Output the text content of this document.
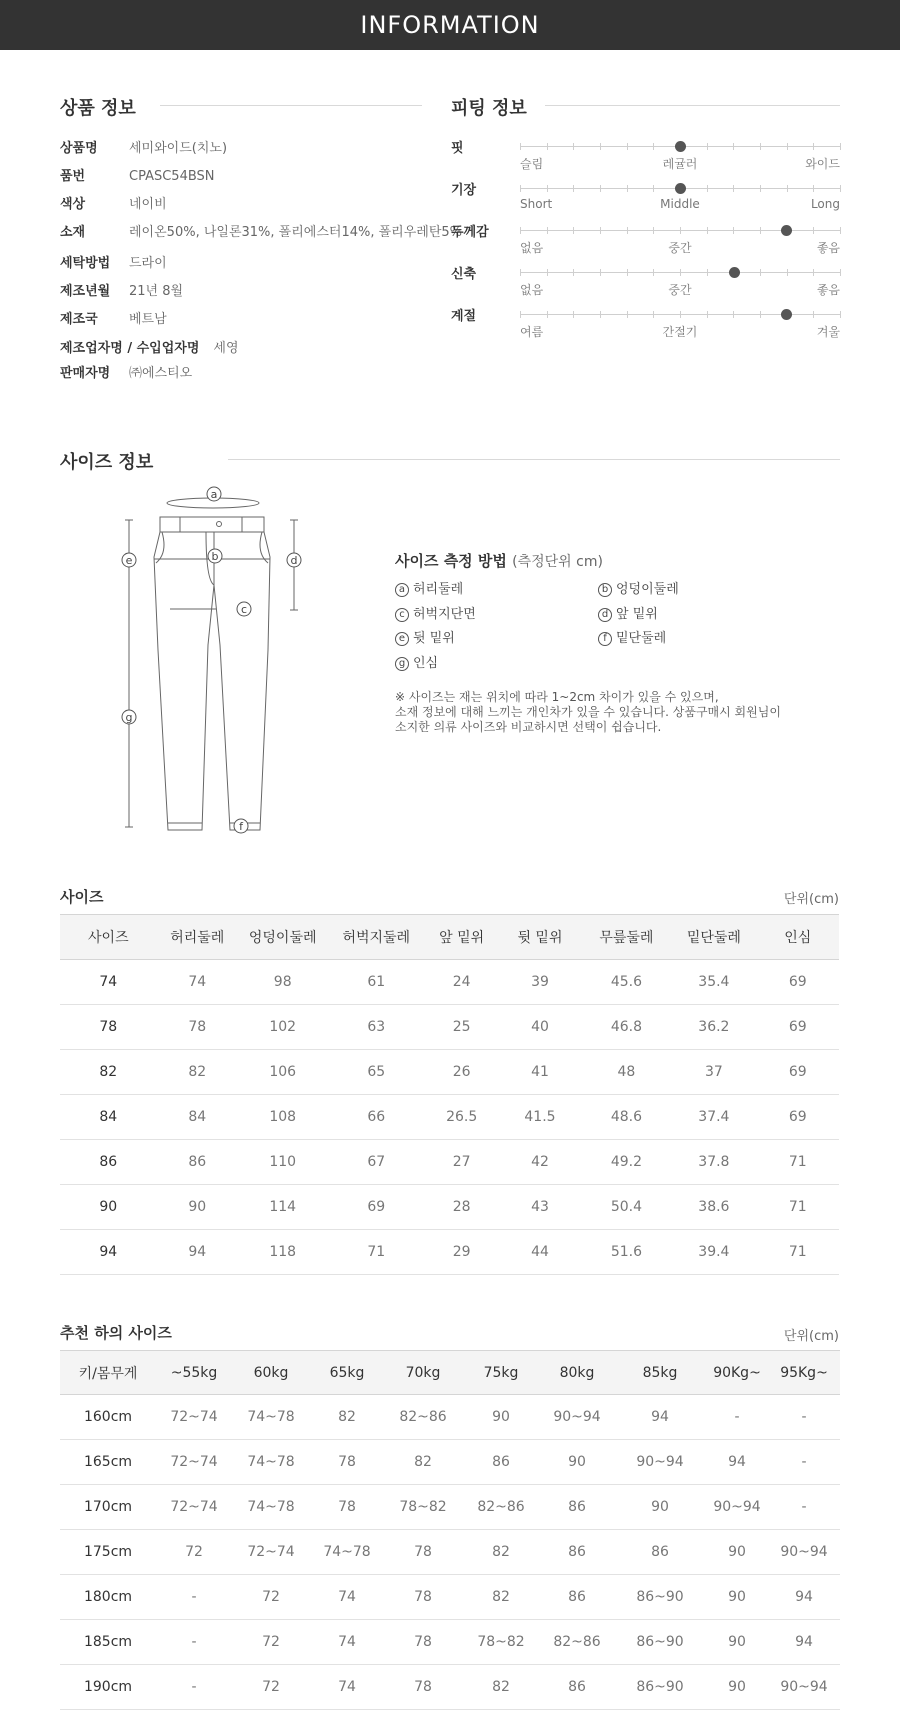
INFORMATION
상품 정보
상품명 세미와이드(치노)
품번	CPASC54BSN
색상	네이비
소재	레이온50%, 나일론31%, 폴리에스터14%, 폴리우레탄5%
세탁방법 드라이
제조년월 21년 8월
제조국 베트남
제조업자명 / 수입업자명 세영
판매자명 ㈜에스티오
피팅 정보
핏
슬림	레귤러	와이드
기장
Short	Middle	Long
두께감
없음	중간	좋음
신축
없음	중간	좋음
계절
여름	간절기	겨울
사이즈 정보
a
b
c
d
e
f
g
사이즈 측정 방법 (측정단위 cm)
a 허리둘레	b 엉덩이둘레
c 허벅지단면	d 앞 밑위
e 뒷 밑위	f 밑단둘레
g 인심
※ 사이즈는 재는 위치에 따라 1~2cm 차이가 있을 수 있으며,
소재 정보에 대해 느끼는 개인차가 있을 수 있습니다. 상품구매시 회원님이
소지한 의류 사이즈와 비교하시면 선택이 쉽습니다.
사이즈	단위(cm)
사이즈	허리둘레	엉덩이둘레	허벅지둘레	앞 밑위	뒷 밑위	무릎둘레	밑단둘레	인심
74	74	98	61	24	39	45.6	35.4	69
78	78	102	63	25	40	46.8	36.2	69
82	82	106	65	26	41	48	37	69
84	84	108	66	26.5	41.5	48.6	37.4	69
86	86	110	67	27	42	49.2	37.8	71
90	90	114	69	28	43	50.4	38.6	71
94	94	118	71	29	44	51.6	39.4	71
추천 하의 사이즈	단위(cm)
키/몸무게	~55kg	60kg	65kg	70kg	75kg	80kg	85kg	90Kg~	95Kg~
160cm	72~74	74~78	82	82~86	90	90~94	94	-	-
165cm	72~74	74~78	78	82	86	90	90~94	94	-
170cm	72~74	74~78	78	78~82	82~86	86	90	90~94	-
175cm	72	72~74	74~78	78	82	86	86	90	90~94
180cm	-	72	74	78	82	86	86~90	90	94
185cm	-	72	74	78	78~82	82~86	86~90	90	94
190cm	-	72	74	78	82	86	86~90	90	90~94
